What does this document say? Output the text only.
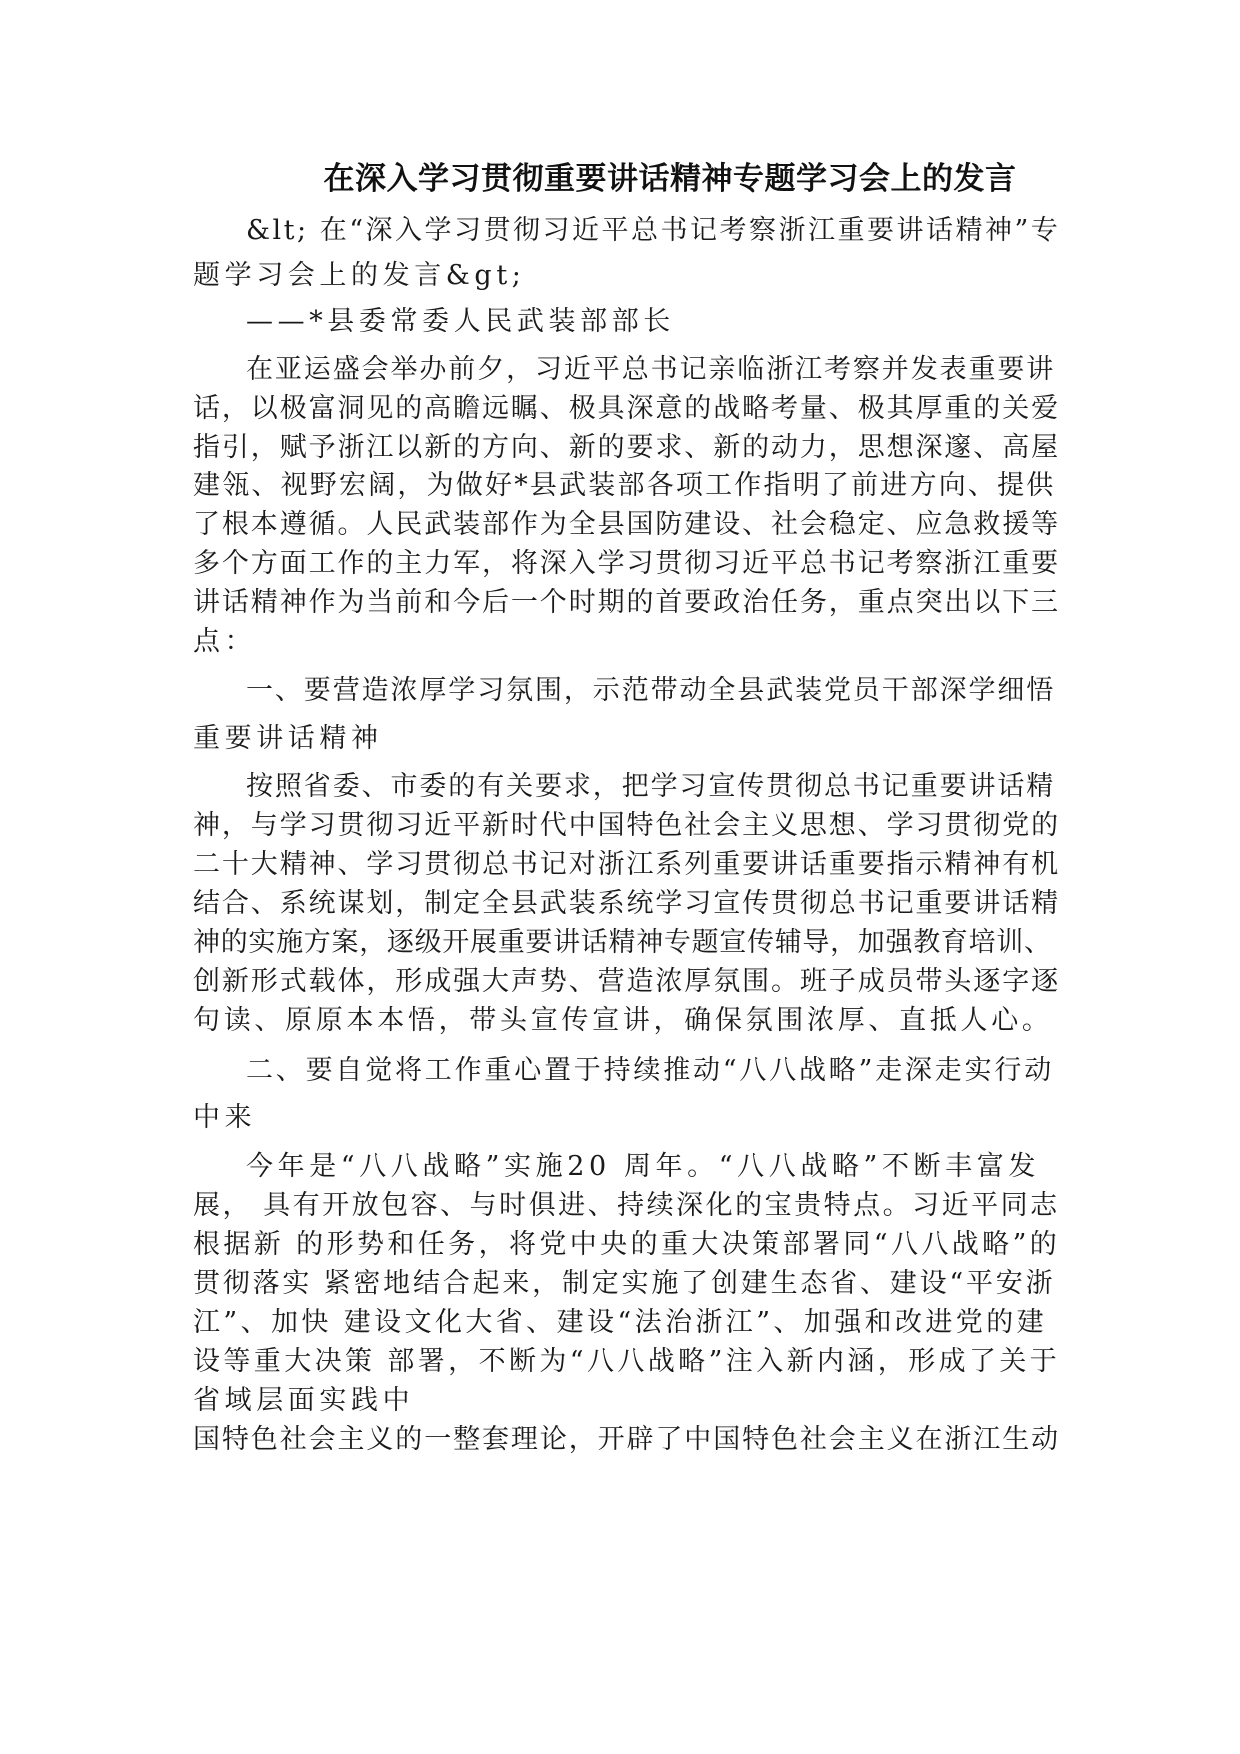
在深入学习贯彻重要讲话精神专题学习会上的发言
&lt; 在“深入学习贯彻习近平总书记考察浙江重要讲话精神”专
题学习会上的发言&gt;
——*县委常委人民武装部部长
在亚运盛会举办前夕，习近平总书记亲临浙江考察并发表重要讲
话，以极富洞见的高瞻远瞩、极具深意的战略考量、极其厚重的关爱
指引，赋予浙江以新的方向、新的要求、新的动力，思想深邃、高屋
建瓴、视野宏阔，为做好*县武装部各项工作指明了前进方向、提供
了根本遵循。人民武装部作为全县国防建设、社会稳定、应急救援等
多个方面工作的主力军，将深入学习贯彻习近平总书记考察浙江重要
讲话精神作为当前和今后一个时期的首要政治任务，重点突出以下三
点：
一、要营造浓厚学习氛围，示范带动全县武装党员干部深学细悟
重要讲话精神
按照省委、市委的有关要求，把学习宣传贯彻总书记重要讲话精
神，与学习贯彻习近平新时代中国特色社会主义思想、学习贯彻党的
二十大精神、学习贯彻总书记对浙江系列重要讲话重要指示精神有机
结合、系统谋划，制定全县武装系统学习宣传贯彻总书记重要讲话精
神的实施方案，逐级开展重要讲话精神专题宣传辅导，加强教育培训、
创新形式载体，形成强大声势、营造浓厚氛围。班子成员带头逐字逐
句读、原原本本悟，带头宣传宣讲，确保氛围浓厚、直抵人心。
二、要自觉将工作重心置于持续推动“八八战略”走深走实行动
中来
今年是“八八战略”实施20 周年。“八八战略”不断丰富发
展， 具有开放包容、与时俱进、持续深化的宝贵特点。习近平同志
根据新 的形势和任务，将党中央的重大决策部署同“八八战略”的
贯彻落实 紧密地结合起来，制定实施了创建生态省、建设“平安浙
江”、加快 建设文化大省、建设“法治浙江”、加强和改进党的建
设等重大决策 部署，不断为“八八战略”注入新内涵，形成了关于
省域层面实践中
国特色社会主义的一整套理论，开辟了中国特色社会主义在浙江生动
